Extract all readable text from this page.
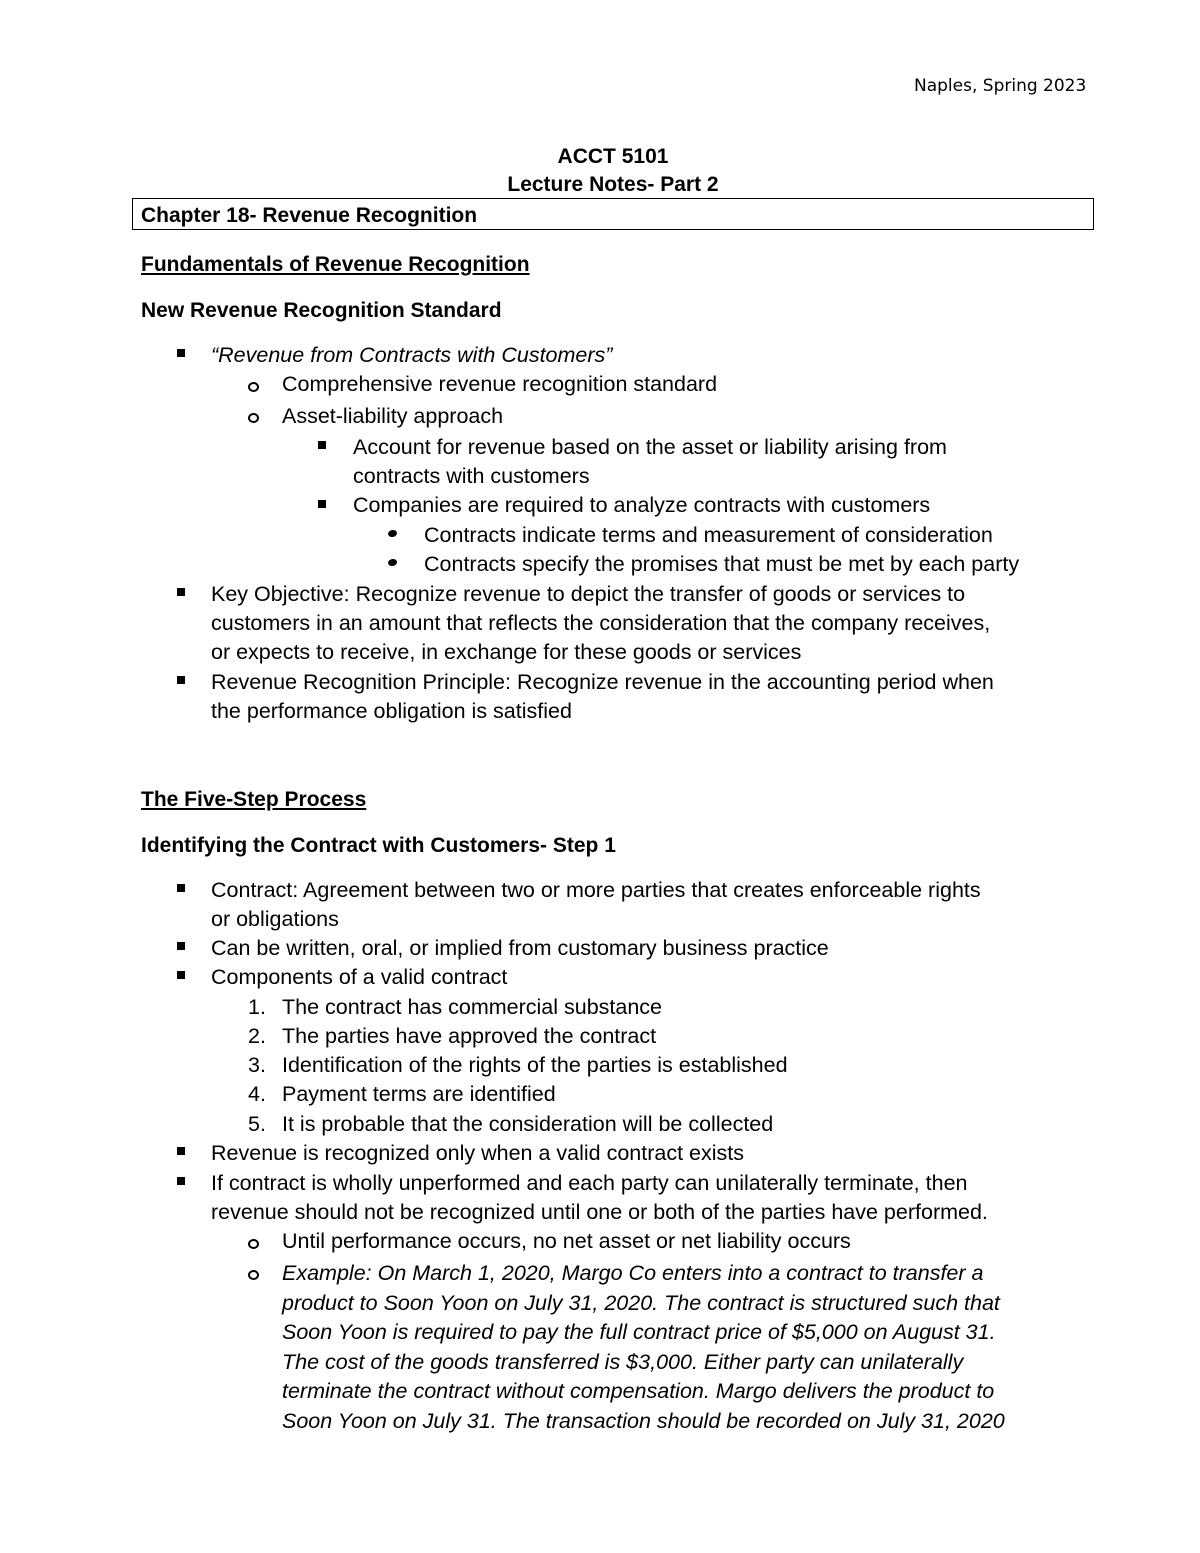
Naples, Spring 2023
ACCT 5101
Lecture Notes- Part 2
Chapter 18- Revenue Recognition
Fundamentals of Revenue Recognition
New Revenue Recognition Standard
“Revenue from Contracts with Customers”
Comprehensive revenue recognition standard
Asset-liability approach
Account for revenue based on the asset or liability arising from
contracts with customers
Companies are required to analyze contracts with customers
Contracts indicate terms and measurement of consideration
Contracts specify the promises that must be met by each party
Key Objective: Recognize revenue to depict the transfer of goods or services to
customers in an amount that reflects the consideration that the company receives,
or expects to receive, in exchange for these goods or services
Revenue Recognition Principle: Recognize revenue in the accounting period when
the performance obligation is satisfied
The Five-Step Process
Identifying the Contract with Customers- Step 1
Contract: Agreement between two or more parties that creates enforceable rights
or obligations
Can be written, oral, or implied from customary business practice
Components of a valid contract
1. The contract has commercial substance
2. The parties have approved the contract
3. Identification of the rights of the parties is established
4. Payment terms are identified
5. It is probable that the consideration will be collected
Revenue is recognized only when a valid contract exists
If contract is wholly unperformed and each party can unilaterally terminate, then
revenue should not be recognized until one or both of the parties have performed.
Until performance occurs, no net asset or net liability occurs
Example: On March 1, 2020, Margo Co enters into a contract to transfer a
product to Soon Yoon on July 31, 2020. The contract is structured such that
Soon Yoon is required to pay the full contract price of $5,000 on August 31.
The cost of the goods transferred is $3,000. Either party can unilaterally
terminate the contract without compensation. Margo delivers the product to
Soon Yoon on July 31. The transaction should be recorded on July 31, 2020
